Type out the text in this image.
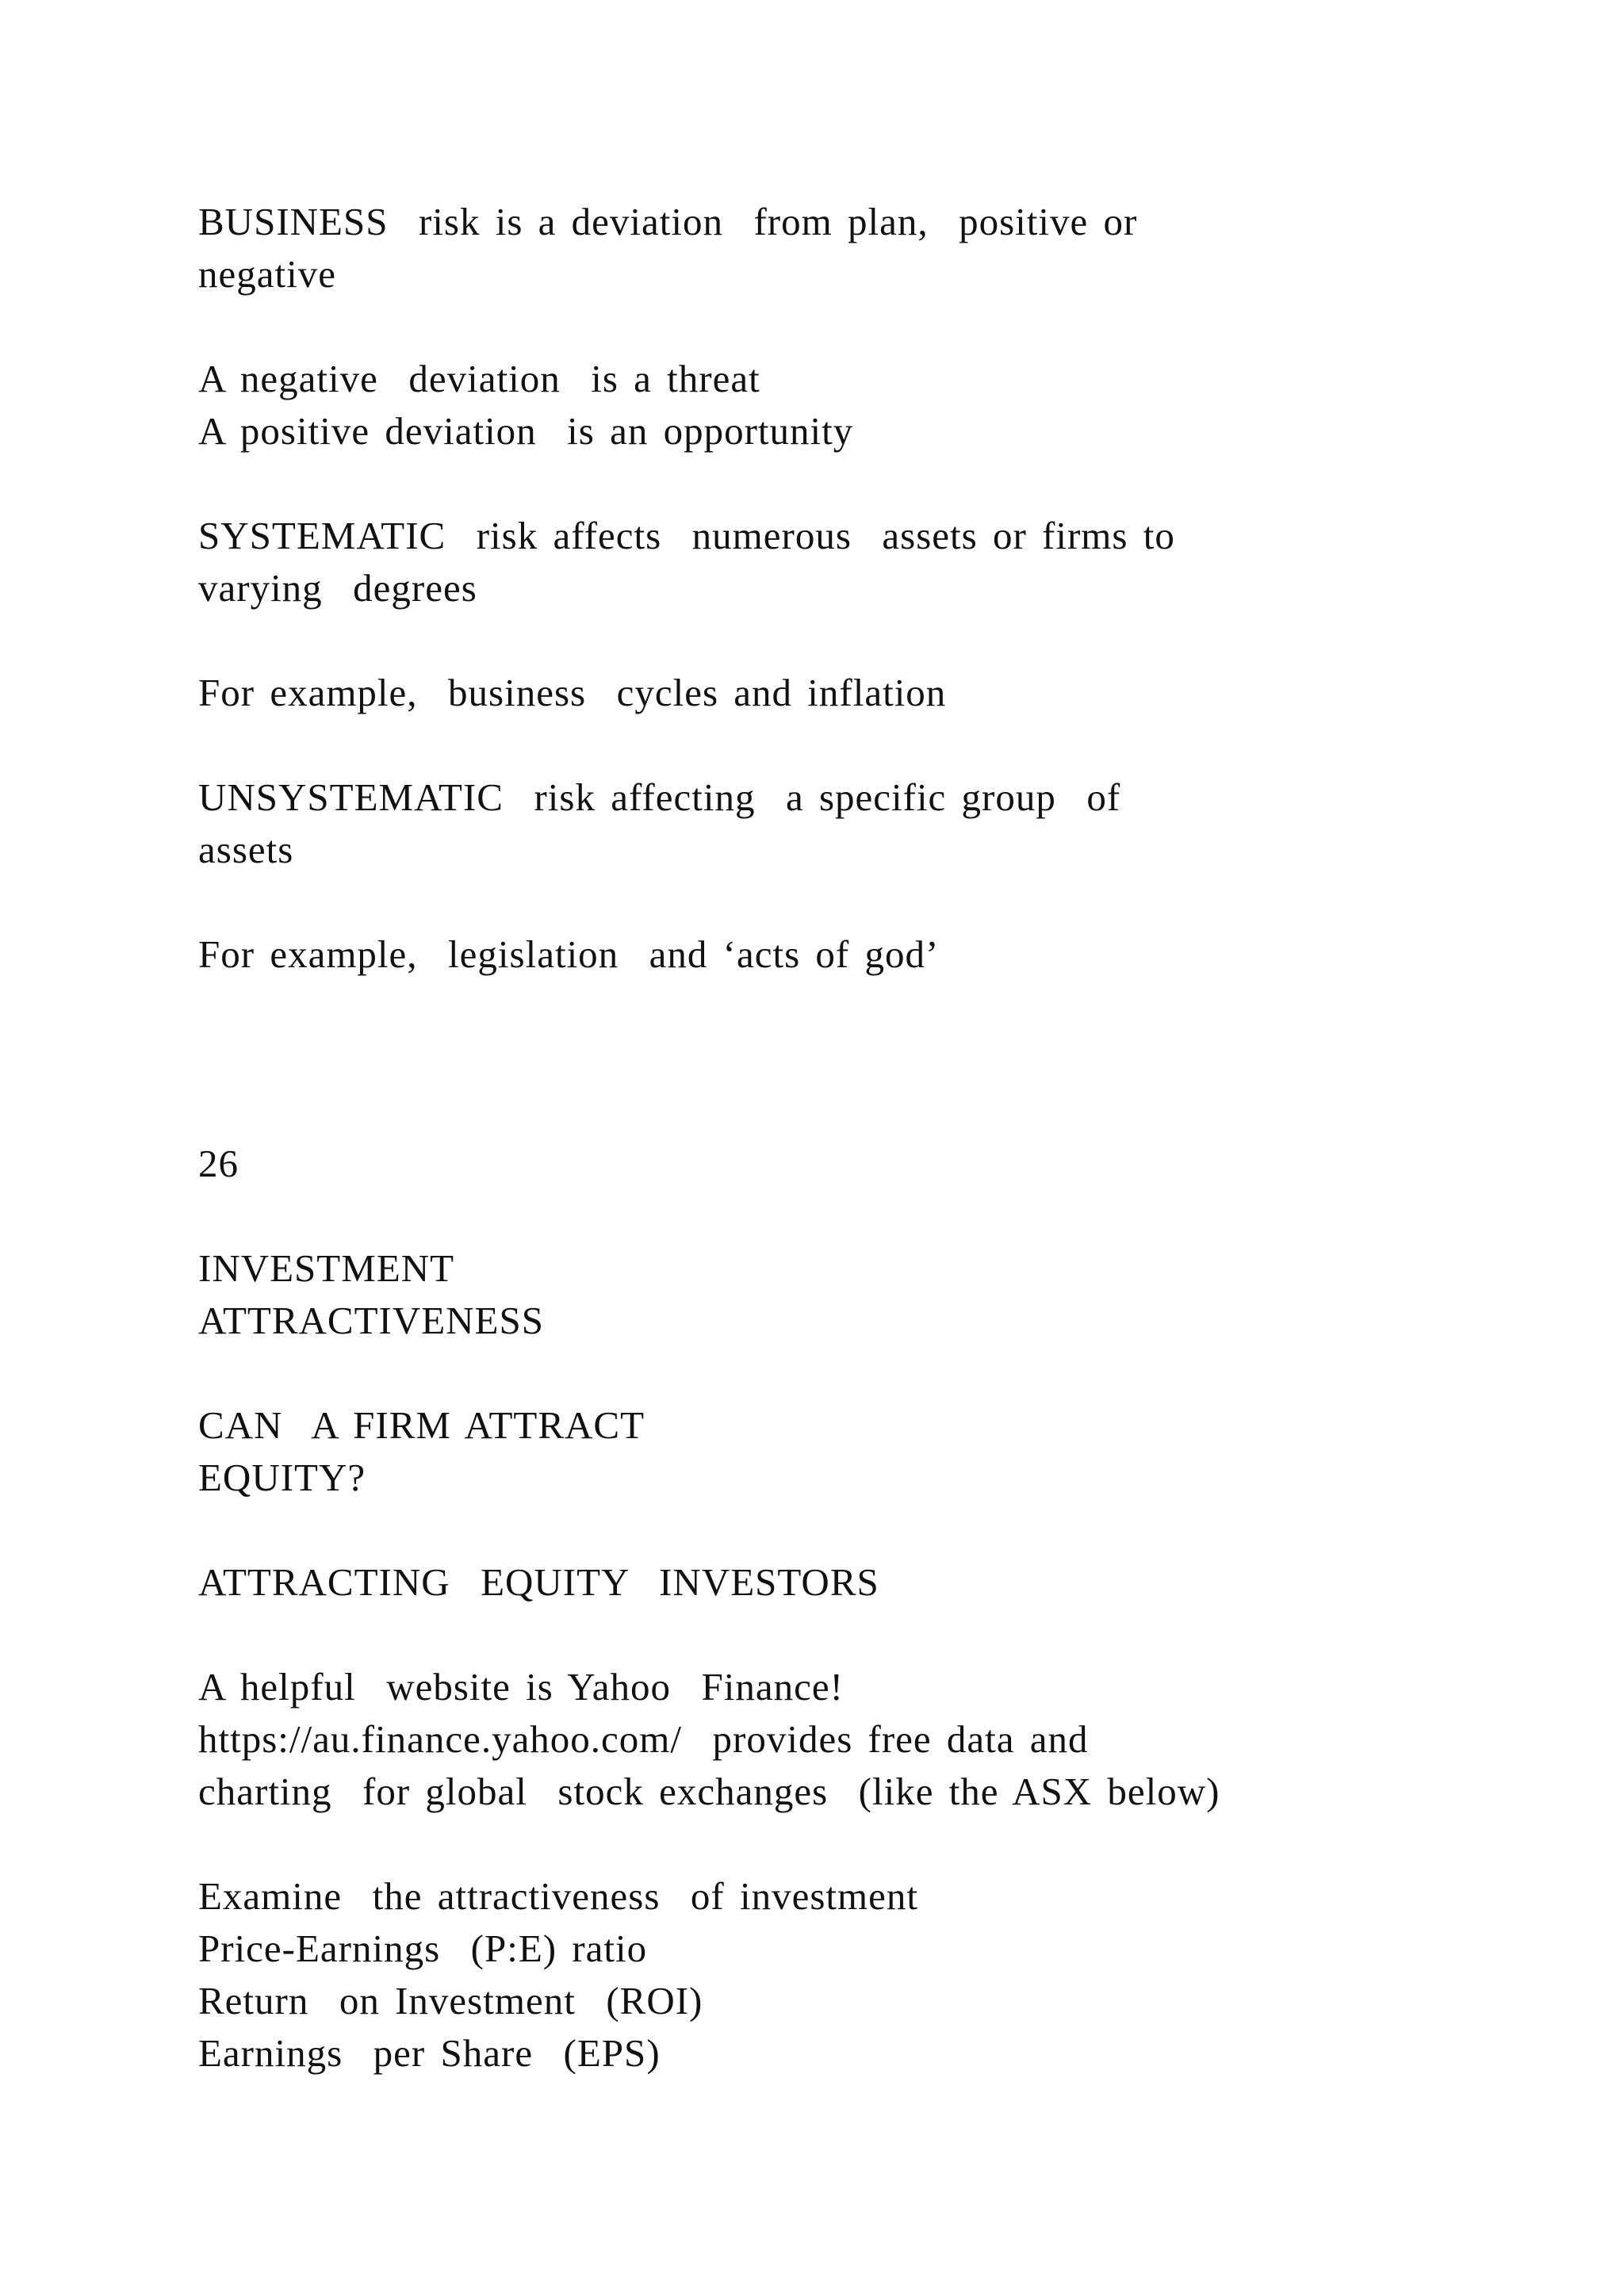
BUSINESS  risk is a deviation  from plan,  positive or
negative
A negative  deviation  is a threat
A positive deviation  is an opportunity
SYSTEMATIC  risk affects  numerous  assets or firms to
varying  degrees
For example,  business  cycles and inflation
UNSYSTEMATIC  risk affecting  a specific group  of
assets
For example,  legislation  and ‘acts of god’
26
INVESTMENT
ATTRACTIVENESS
CAN  A FIRM ATTRACT
EQUITY?
ATTRACTING  EQUITY  INVESTORS
A helpful  website is Yahoo  Finance!
https://au.finance.yahoo.com/  provides free data and
charting  for global  stock exchanges  (like the ASX below)
Examine  the attractiveness  of investment
Price-Earnings  (P:E) ratio
Return  on Investment  (ROI)
Earnings  per Share  (EPS)
